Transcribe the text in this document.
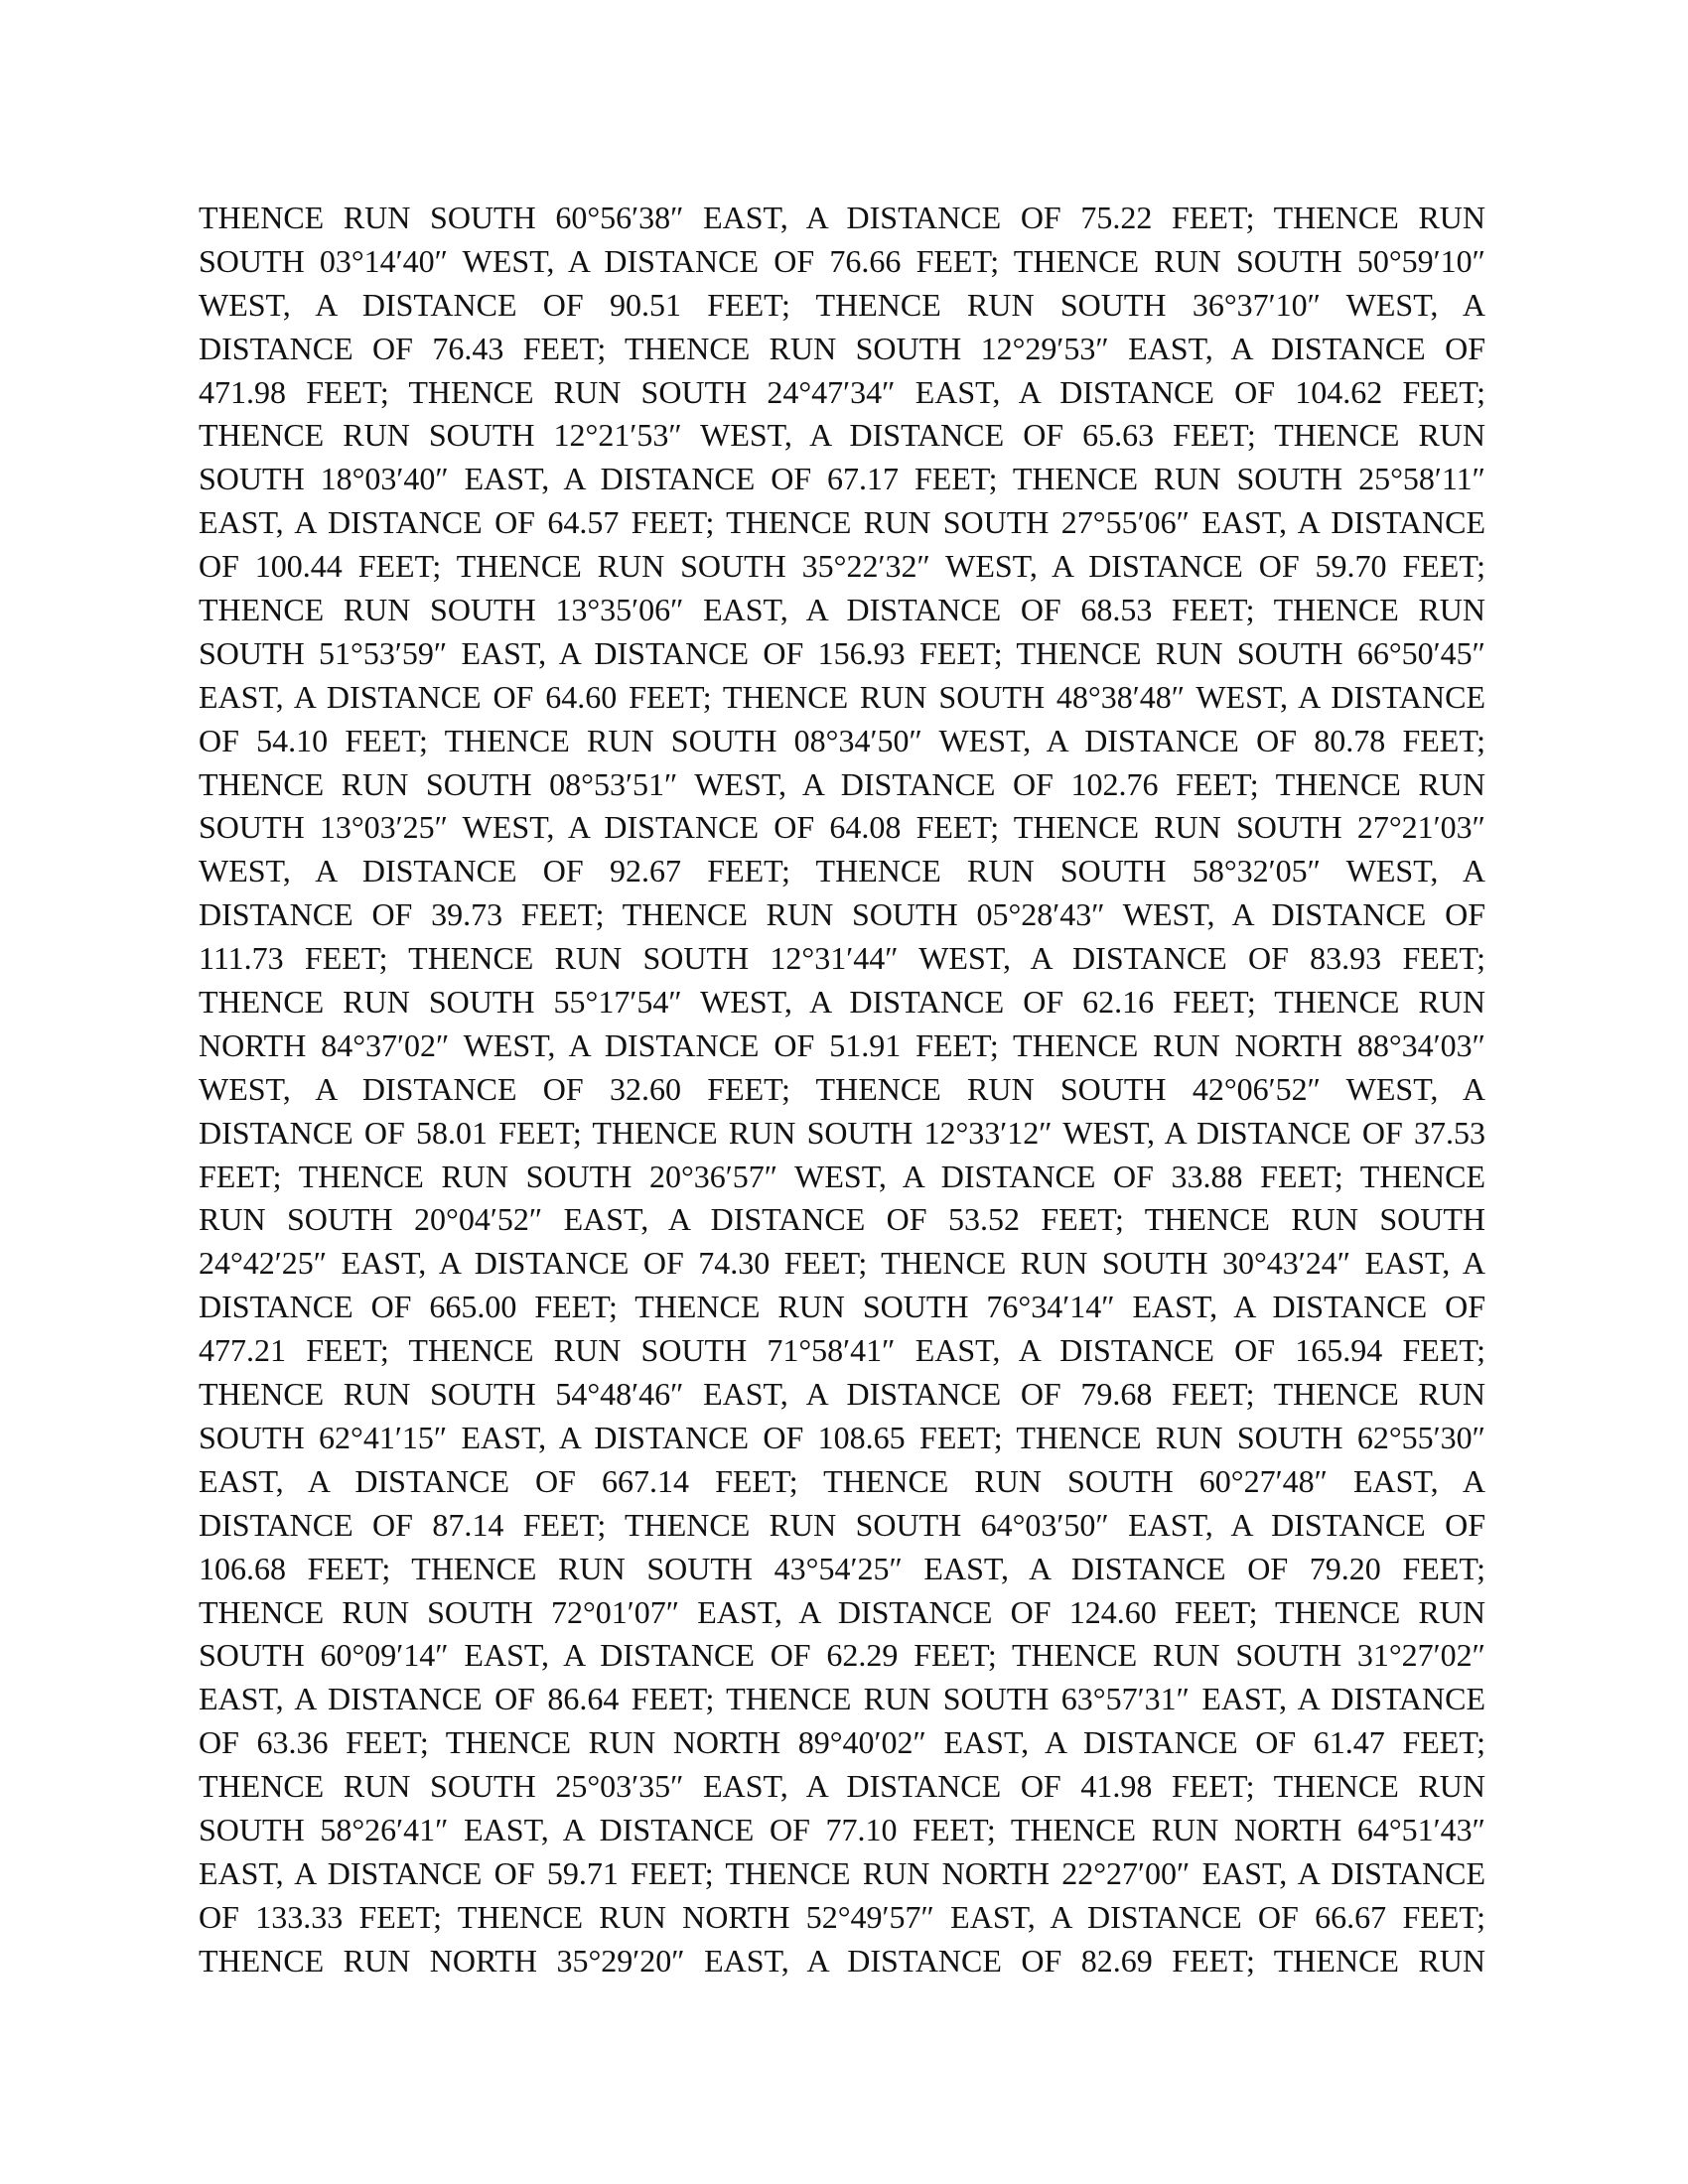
THENCE RUN SOUTH 60°56′38″ EAST, A DISTANCE OF 75.22 FEET; THENCE RUN
SOUTH 03°14′40″ WEST, A DISTANCE OF 76.66 FEET; THENCE RUN SOUTH 50°59′10″
WEST, A DISTANCE OF 90.51 FEET; THENCE RUN SOUTH 36°37′10″ WEST, A
DISTANCE OF 76.43 FEET; THENCE RUN SOUTH 12°29′53″ EAST, A DISTANCE OF
471.98 FEET; THENCE RUN SOUTH 24°47′34″ EAST, A DISTANCE OF 104.62 FEET;
THENCE RUN SOUTH 12°21′53″ WEST, A DISTANCE OF 65.63 FEET; THENCE RUN
SOUTH 18°03′40″ EAST, A DISTANCE OF 67.17 FEET; THENCE RUN SOUTH 25°58′11″
EAST, A DISTANCE OF 64.57 FEET; THENCE RUN SOUTH 27°55′06″ EAST, A DISTANCE
OF 100.44 FEET; THENCE RUN SOUTH 35°22′32″ WEST, A DISTANCE OF 59.70 FEET;
THENCE RUN SOUTH 13°35′06″ EAST, A DISTANCE OF 68.53 FEET; THENCE RUN
SOUTH 51°53′59″ EAST, A DISTANCE OF 156.93 FEET; THENCE RUN SOUTH 66°50′45″
EAST, A DISTANCE OF 64.60 FEET; THENCE RUN SOUTH 48°38′48″ WEST, A DISTANCE
OF 54.10 FEET; THENCE RUN SOUTH 08°34′50″ WEST, A DISTANCE OF 80.78 FEET;
THENCE RUN SOUTH 08°53′51″ WEST, A DISTANCE OF 102.76 FEET; THENCE RUN
SOUTH 13°03′25″ WEST, A DISTANCE OF 64.08 FEET; THENCE RUN SOUTH 27°21′03″
WEST, A DISTANCE OF 92.67 FEET; THENCE RUN SOUTH 58°32′05″ WEST, A
DISTANCE OF 39.73 FEET; THENCE RUN SOUTH 05°28′43″ WEST, A DISTANCE OF
111.73 FEET; THENCE RUN SOUTH 12°31′44″ WEST, A DISTANCE OF 83.93 FEET;
THENCE RUN SOUTH 55°17′54″ WEST, A DISTANCE OF 62.16 FEET; THENCE RUN
NORTH 84°37′02″ WEST, A DISTANCE OF 51.91 FEET; THENCE RUN NORTH 88°34′03″
WEST, A DISTANCE OF 32.60 FEET; THENCE RUN SOUTH 42°06′52″ WEST, A
DISTANCE OF 58.01 FEET; THENCE RUN SOUTH 12°33′12″ WEST, A DISTANCE OF 37.53
FEET; THENCE RUN SOUTH 20°36′57″ WEST, A DISTANCE OF 33.88 FEET; THENCE
RUN SOUTH 20°04′52″ EAST, A DISTANCE OF 53.52 FEET; THENCE RUN SOUTH
24°42′25″ EAST, A DISTANCE OF 74.30 FEET; THENCE RUN SOUTH 30°43′24″ EAST, A
DISTANCE OF 665.00 FEET; THENCE RUN SOUTH 76°34′14″ EAST, A DISTANCE OF
477.21 FEET; THENCE RUN SOUTH 71°58′41″ EAST, A DISTANCE OF 165.94 FEET;
THENCE RUN SOUTH 54°48′46″ EAST, A DISTANCE OF 79.68 FEET; THENCE RUN
SOUTH 62°41′15″ EAST, A DISTANCE OF 108.65 FEET; THENCE RUN SOUTH 62°55′30″
EAST, A DISTANCE OF 667.14 FEET; THENCE RUN SOUTH 60°27′48″ EAST, A
DISTANCE OF 87.14 FEET; THENCE RUN SOUTH 64°03′50″ EAST, A DISTANCE OF
106.68 FEET; THENCE RUN SOUTH 43°54′25″ EAST, A DISTANCE OF 79.20 FEET;
THENCE RUN SOUTH 72°01′07″ EAST, A DISTANCE OF 124.60 FEET; THENCE RUN
SOUTH 60°09′14″ EAST, A DISTANCE OF 62.29 FEET; THENCE RUN SOUTH 31°27′02″
EAST, A DISTANCE OF 86.64 FEET; THENCE RUN SOUTH 63°57′31″ EAST, A DISTANCE
OF 63.36 FEET; THENCE RUN NORTH 89°40′02″ EAST, A DISTANCE OF 61.47 FEET;
THENCE RUN SOUTH 25°03′35″ EAST, A DISTANCE OF 41.98 FEET; THENCE RUN
SOUTH 58°26′41″ EAST, A DISTANCE OF 77.10 FEET; THENCE RUN NORTH 64°51′43″
EAST, A DISTANCE OF 59.71 FEET; THENCE RUN NORTH 22°27′00″ EAST, A DISTANCE
OF 133.33 FEET; THENCE RUN NORTH 52°49′57″ EAST, A DISTANCE OF 66.67 FEET;
THENCE RUN NORTH 35°29′20″ EAST, A DISTANCE OF 82.69 FEET; THENCE RUN
